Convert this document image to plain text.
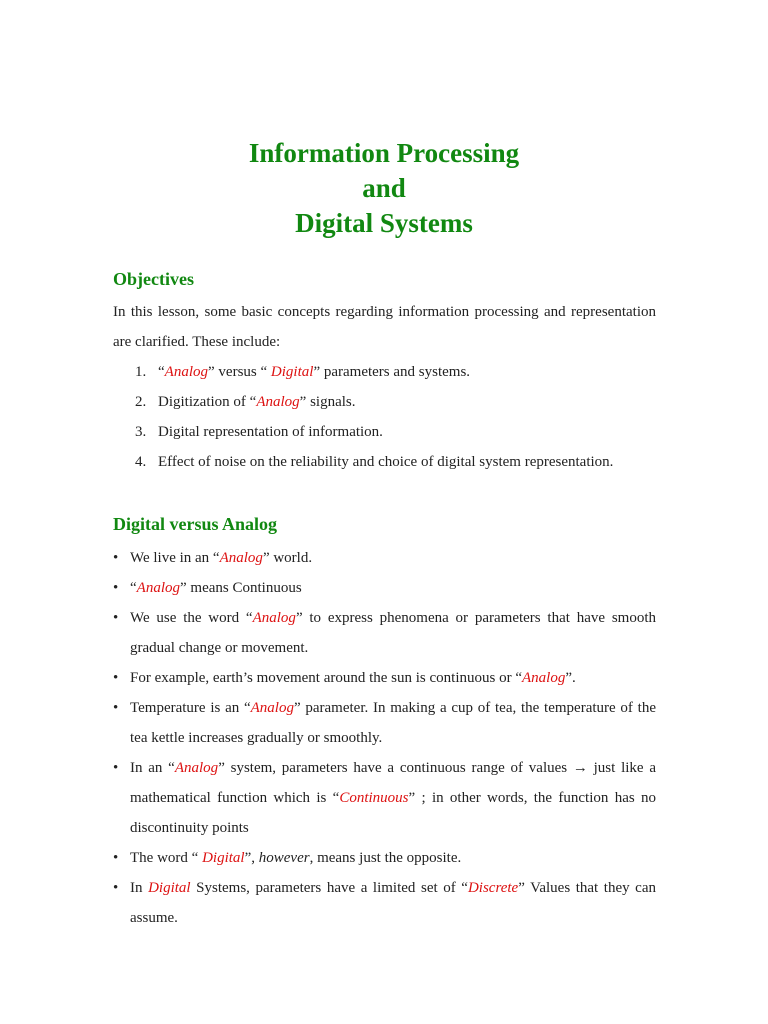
Information Processing
and
Digital Systems
Objectives

In this lesson, some basic concepts regarding information processing and representation are clarified. These include:

1. “Analog” versus “ Digital” parameters and systems.
2. Digitization of “Analog” signals.
3. Digital representation of information.
4. Effect of noise on the reliability and choice of digital system representation.
Digital versus Analog
• We live in an “Analog” world.
• “Analog” means Continuous
• We use the word “Analog” to express phenomena or parameters that have smooth gradual change or movement.
• For example, earth’s movement around the sun is continuous or “Analog”.
• Temperature is an “Analog” parameter. In making a cup of tea, the temperature of the tea kettle increases gradually or smoothly.
• In an “Analog” system, parameters have a continuous range of values → just like a mathematical function which is “Continuous” ; in other words, the function has no discontinuity points
• The word “ Digital”, however, means just the opposite.
• In Digital Systems, parameters have a limited set of “Discrete” Values that they can assume.
